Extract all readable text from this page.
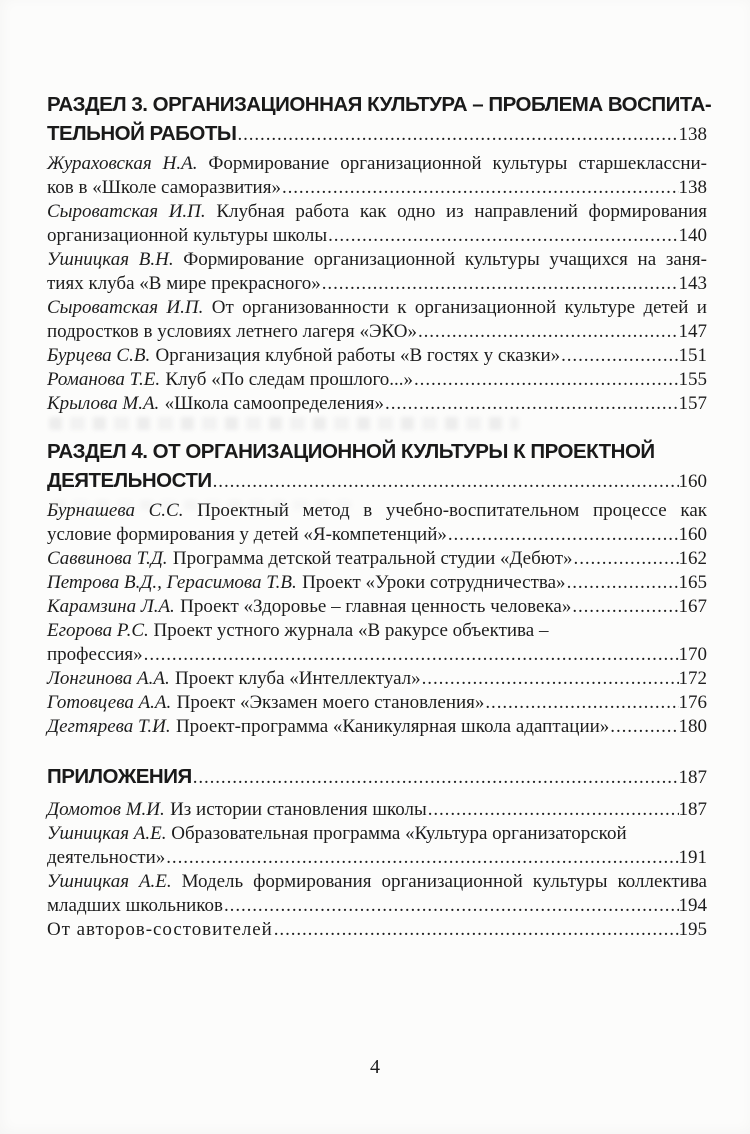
РАЗДЕЛ 3. ОРГАНИЗАЦИОННАЯ КУЛЬТУРА – ПРОБЛЕМА ВОСПИТА-
ТЕЛЬНОЙ РАБОТЫ .....	138
Жураховская Н.А. Формирование организационной культуры старшеклассни-
ков в «Школе саморазвития» .....	138
Сыроватская И.П. Клубная работа как одно из направлений формирования
организационной культуры школы .....	140
Ушницкая В.Н. Формирование организационной культуры учащихся на заня-
тиях клуба «В мире прекрасного» .....	143
Сыроватская И.П. От организованности к организационной культуре детей и
подростков в условиях летнего лагеря «ЭКО» .....	147
Бурцева С.В. Организация клубной работы «В гостях у сказки» .....	151
Романова Т.Е. Клуб «По следам прошлого...» .....	155
Крылова М.А. «Школа самоопределения» .....	157
РАЗДЕЛ 4. ОТ ОРГАНИЗАЦИОННОЙ КУЛЬТУРЫ К ПРОЕКТНОЙ
ДЕЯТЕЛЬНОСТИ .....	160
Бурнашева С.С. Проектный метод в учебно-воспитательном процессе как
условие формирования у детей «Я-компетенций» .....	160
Саввинова Т.Д. Программа детской театральной студии «Дебют» .....	162
Петрова В.Д., Герасимова Т.В. Проект «Уроки сотрудничества» .....	165
Карамзина Л.А. Проект «Здоровье – главная ценность человека» .....	167
Егорова Р.С. Проект устного журнала «В ракурсе объектива –
профессия» .....	170
Лонгинова А.А. Проект клуба «Интеллектуал» .....	172
Готовцева А.А. Проект «Экзамен моего становления» .....	176
Дегтярева Т.И. Проект-программа «Каникулярная школа адаптации» .....	180
ПРИЛОЖЕНИЯ .....	187
Домотов М.И. Из истории становления школы .....	187
Ушницкая А.Е. Образовательная программа «Культура организаторской
деятельности» .....	191
Ушницкая А.Е. Модель формирования организационной культуры коллектива
младших школьников .....	194
От авторов-состовителей .....	195
4
